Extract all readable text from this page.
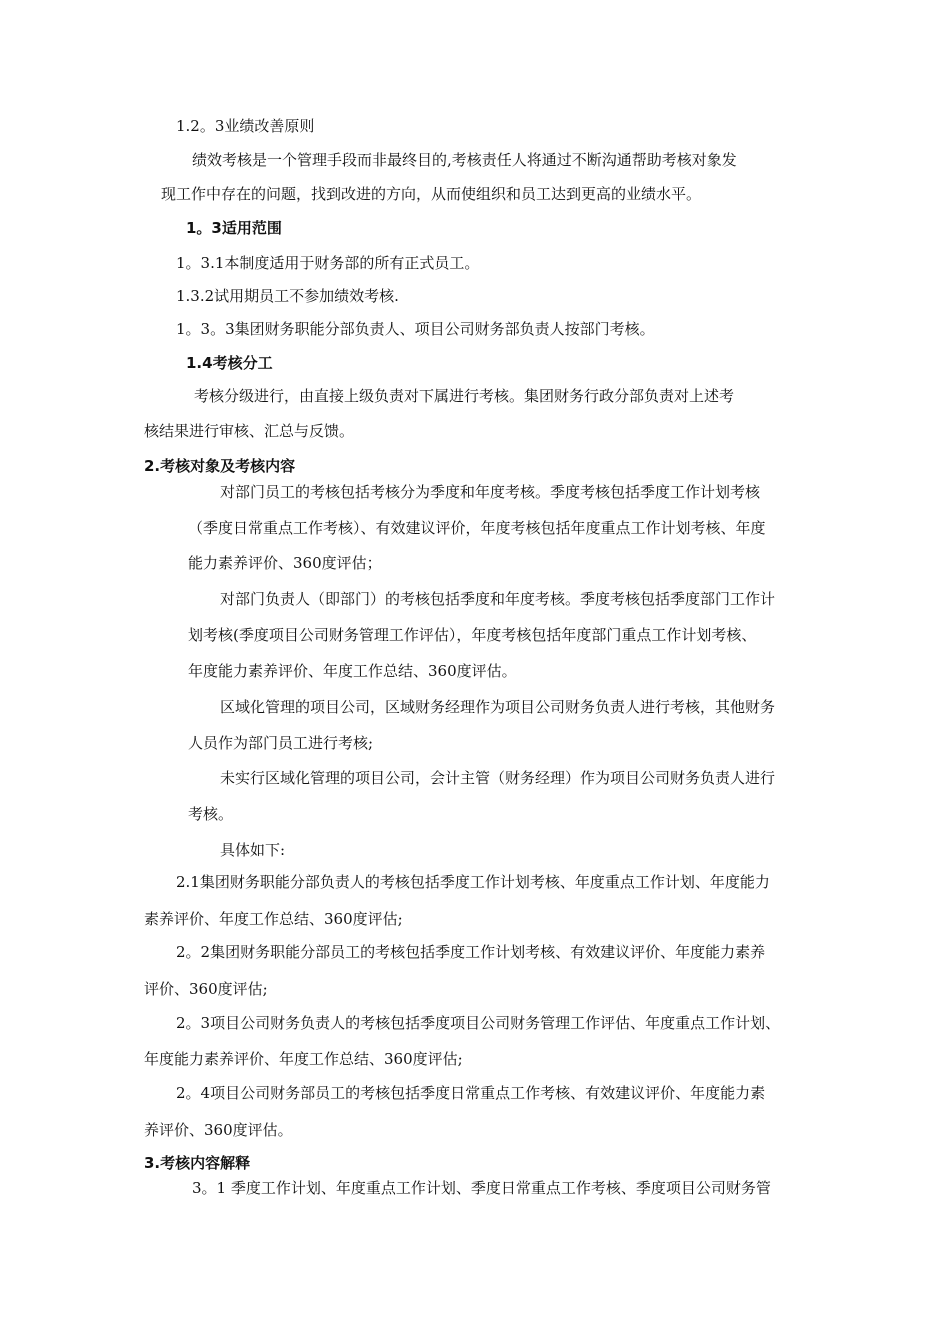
1.2。3业绩改善原则
绩效考核是一个管理手段而非最终目的,考核责任人将通过不断沟通帮助考核对象发
现工作中存在的问题，找到改进的方向，从而使组织和员工达到更高的业绩水平。
1。3适用范围
1。3.1本制度适用于财务部的所有正式员工。
1.3.2试用期员工不参加绩效考核.
1。3。3集团财务职能分部负责人、项目公司财务部负责人按部门考核。
1.4考核分工
考核分级进行，由直接上级负责对下属进行考核。集团财务行政分部负责对上述考
核结果进行审核、汇总与反馈。
2.考核对象及考核内容
对部门员工的考核包括考核分为季度和年度考核。季度考核包括季度工作计划考核
（季度日常重点工作考核）、有效建议评价，年度考核包括年度重点工作计划考核、年度
能力素养评价、360度评估；
对部门负责人（即部门）的考核包括季度和年度考核。季度考核包括季度部门工作计
划考核(季度项目公司财务管理工作评估），年度考核包括年度部门重点工作计划考核、
年度能力素养评价、年度工作总结、360度评估。
区域化管理的项目公司，区域财务经理作为项目公司财务负责人进行考核，其他财务
人员作为部门员工进行考核;
未实行区域化管理的项目公司，会计主管（财务经理）作为项目公司财务负责人进行
考核。
具体如下:
2.1集团财务职能分部负责人的考核包括季度工作计划考核、年度重点工作计划、年度能力
素养评价、年度工作总结、360度评估;
2。2集团财务职能分部员工的考核包括季度工作计划考核、有效建议评价、年度能力素养
评价、360度评估;
2。3项目公司财务负责人的考核包括季度项目公司财务管理工作评估、年度重点工作计划、
年度能力素养评价、年度工作总结、360度评估;
2。4项目公司财务部员工的考核包括季度日常重点工作考核、有效建议评价、年度能力素
养评价、360度评估。
3.考核内容解释
3。1 季度工作计划、年度重点工作计划、季度日常重点工作考核、季度项目公司财务管
